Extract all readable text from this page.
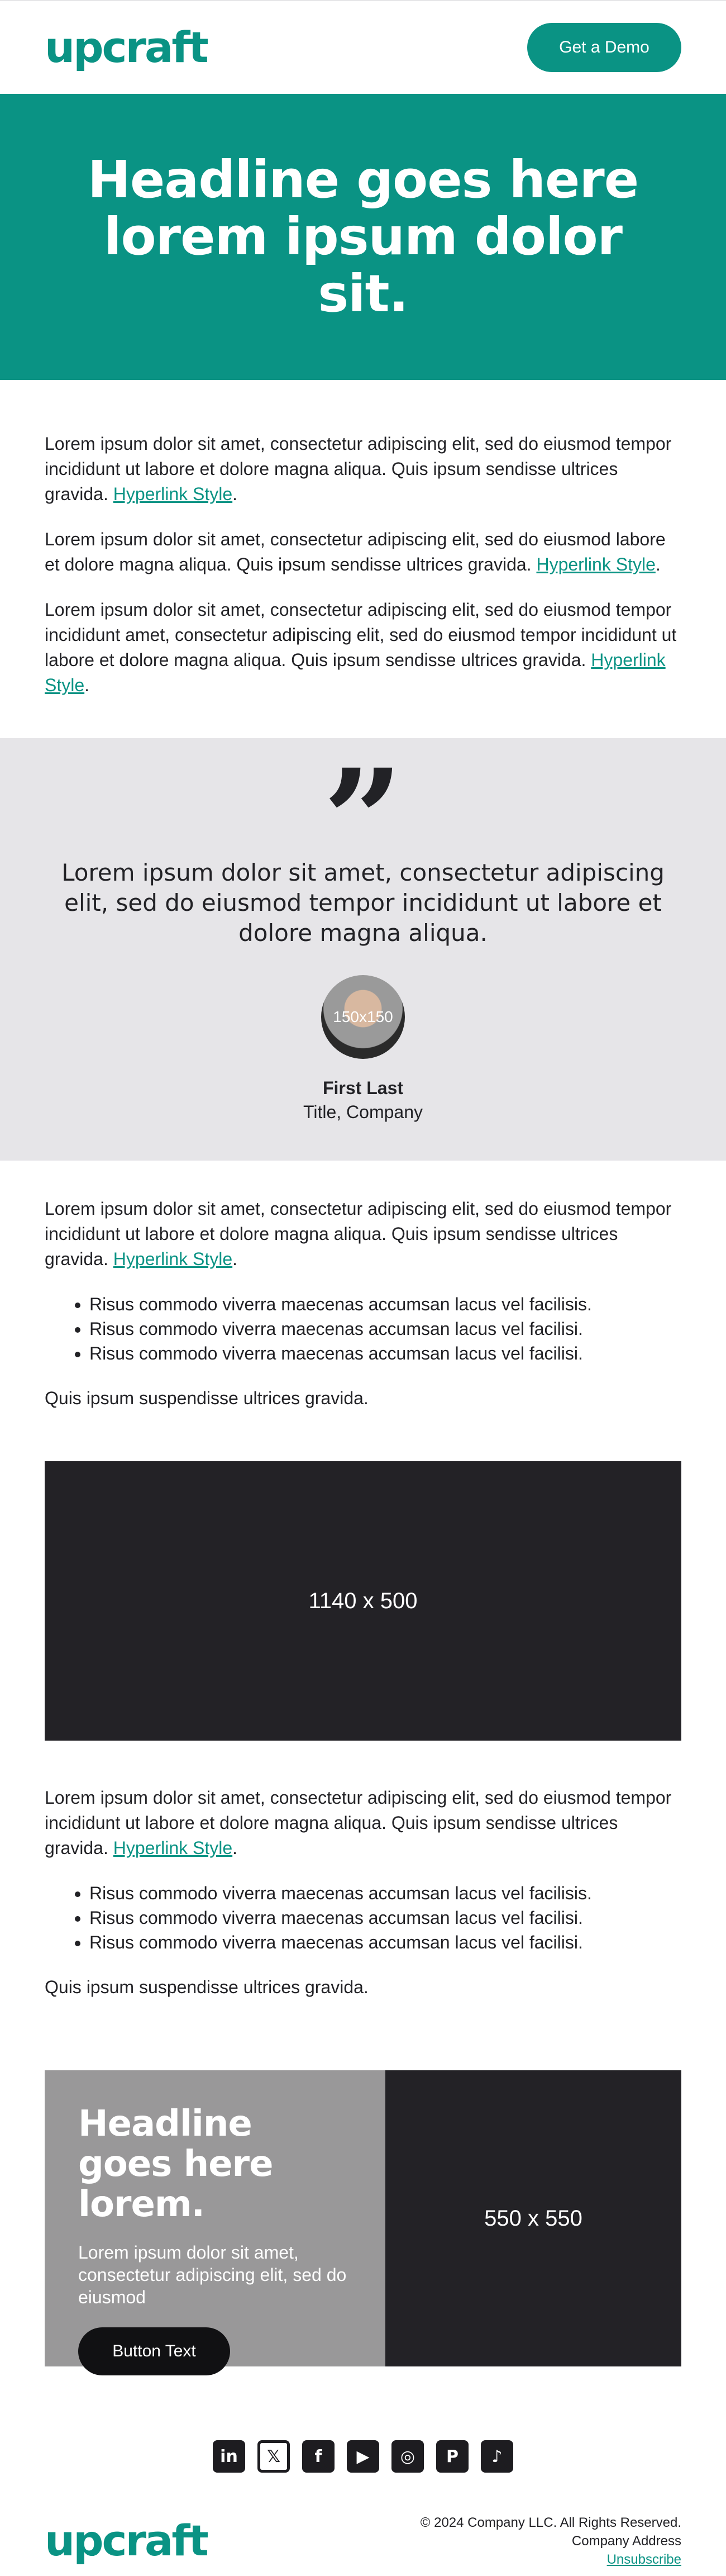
upcraft	Get a Demo
Headline goes here lorem ipsum dolor sit.

Lorem ipsum dolor sit amet, consectetur adipiscing elit, sed do eiusmod tempor incididunt ut labore et dolore magna aliqua. Quis ipsum sendisse ultrices gravida. Hyperlink Style.

Lorem ipsum dolor sit amet, consectetur adipiscing elit, sed do eiusmod labore et dolore magna aliqua. Quis ipsum sendisse ultrices gravida. Hyperlink Style.

Lorem ipsum dolor sit amet, consectetur adipiscing elit, sed do eiusmod tempor incididunt amet, consectetur adipiscing elit, sed do eiusmod tempor incididunt ut labore et dolore magna aliqua. Quis ipsum sendisse ultrices gravida. Hyperlink Style.

”

Lorem ipsum dolor sit amet, consectetur adipiscing elit, sed do eiusmod tempor incididunt ut labore et dolore magna aliqua.

150x150
First Last
Title, Company

Lorem ipsum dolor sit amet, consectetur adipiscing elit, sed do eiusmod tempor incididunt ut labore et dolore magna aliqua. Quis ipsum sendisse ultrices gravida. Hyperlink Style.

• Risus commodo viverra maecenas accumsan lacus vel facilisis.
• Risus commodo viverra maecenas accumsan lacus vel facilisi.
• Risus commodo viverra maecenas accumsan lacus vel facilisi.

Quis ipsum suspendisse ultrices gravida.

1140 x 500

Lorem ipsum dolor sit amet, consectetur adipiscing elit, sed do eiusmod tempor incididunt ut labore et dolore magna aliqua. Quis ipsum sendisse ultrices gravida. Hyperlink Style.

• Risus commodo viverra maecenas accumsan lacus vel facilisis.
• Risus commodo viverra maecenas accumsan lacus vel facilisi.
• Risus commodo viverra maecenas accumsan lacus vel facilisi.

Quis ipsum suspendisse ultrices gravida.

Headline goes here lorem.

Lorem ipsum dolor sit amet, consectetur adipiscing elit, sed do eiusmod

Button Text
550 x 550
in	𝕏	f	▶	◎	P	♪
upcraft	© 2024 Company LLC. All Rights Reserved.
Company Address
Unsubscribe
